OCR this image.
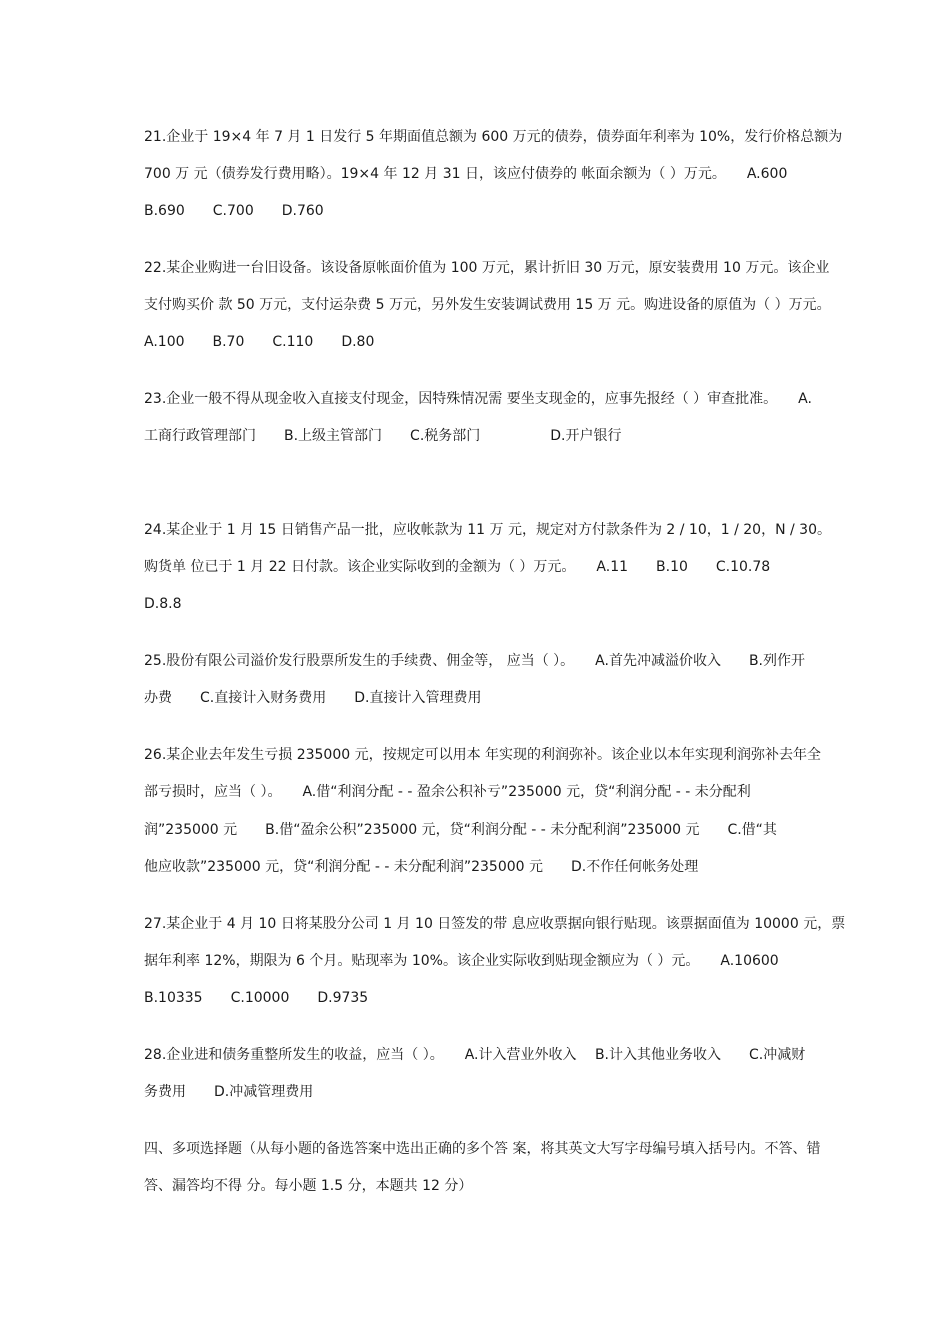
21.企业于 19×4 年 7 月 1 日发行 5 年期面值总额为 600 万元的债券，债券面年利率为 10%，发行价格总额为
700 万 元（债券发行费用略）。19×4 年 12 月 31 日，该应付债券的 帐面余额为（ ）万元。　　A.600
B.690　　C.700　　D.760
22.某企业购进一台旧设备。该设备原帐面价值为 100 万元，累计折旧 30 万元，原安装费用 10 万元。该企业
支付购买价 款 50 万元，支付运杂费 5 万元，另外发生安装调试费用 15 万 元。购进设备的原值为（ ）万元。
A.100　　B.70　　C.110　　D.80
23.企业一般不得从现金收入直接支付现金，因特殊情况需 要坐支现金的，应事先报经（ ）审查批准。　　A.
工商行政管理部门　　B.上级主管部门　　C.税务部门　　　　　D.开户银行
24.某企业于 1 月 15 日销售产品一批，应收帐款为 11 万 元，规定对方付款条件为 2 / 10，1 / 20，N / 30。
购货单 位已于 1 月 22 日付款。该企业实际收到的金额为（ ）万元。　　A.11　　B.10　　C.10.78
D.8.8
25.股份有限公司溢价发行股票所发生的手续费、佣金等， 应当（ ）。　　A.首先冲减溢价收入　　B.列作开
办费　　C.直接计入财务费用　　D.直接计入管理费用
26.某企业去年发生亏损 235000 元，按规定可以用本 年实现的利润弥补。该企业以本年实现利润弥补去年全
部亏损时，应当（ ）。　　A.借“利润分配 - - 盈余公积补亏”235000 元，贷“利润分配 - - 未分配利
润”235000 元　　B.借“盈余公积”235000 元，贷“利润分配 - - 未分配利润”235000 元　　C.借“其
他应收款”235000 元，贷“利润分配 - - 未分配利润”235000 元　　D.不作任何帐务处理
27.某企业于 4 月 10 日将某股分公司 1 月 10 日签发的带 息应收票据向银行贴现。该票据面值为 10000 元，票
据年利率 12%，期限为 6 个月。贴现率为 10%。该企业实际收到贴现金额应为（ ）元。　　A.10600
B.10335　　C.10000　　D.9735
28.企业进和债务重整所发生的收益，应当（ ）。　　A.计入营业外收入　 B.计入其他业务收入　　C.冲减财
务费用　　D.冲减管理费用
四、多项选择题（从每小题的备选答案中选出正确的多个答 案，将其英文大写字母编号填入括号内。不答、错
答、漏答均不得 分。每小题 1.5 分，本题共 12 分）
